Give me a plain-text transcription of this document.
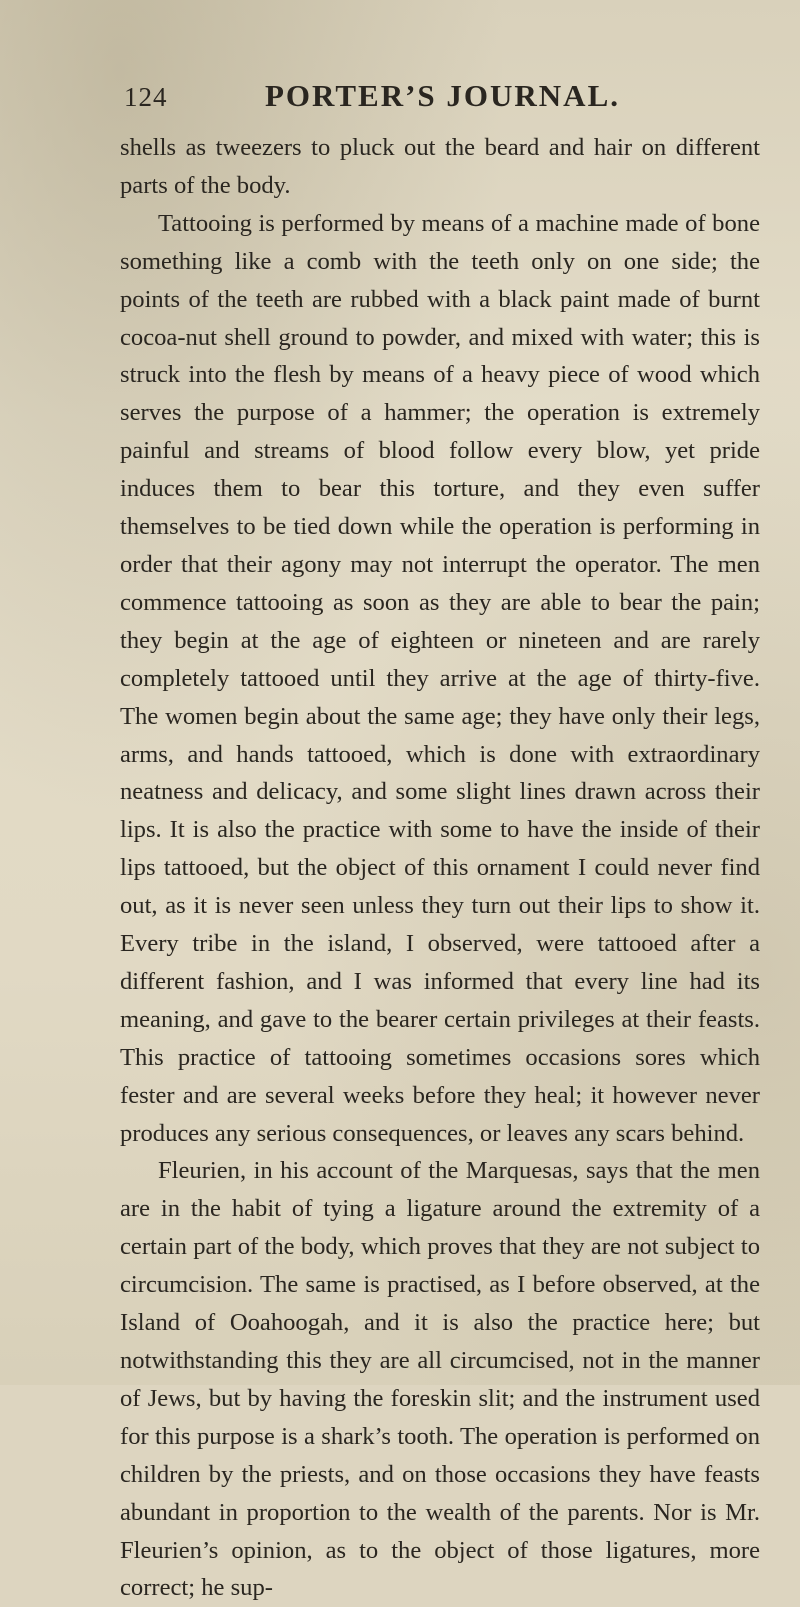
124	PORTER’S JOURNAL.

shells as tweezers to pluck out the beard and hair on different parts of the body.

Tattooing is performed by means of a machine made of bone something like a comb with the teeth only on one side; the points of the teeth are rubbed with a black paint made of burnt cocoa-nut shell ground to powder, and mixed with water; this is struck into the flesh by means of a heavy piece of wood which serves the purpose of a hammer; the operation is extremely painful and streams of blood follow every blow, yet pride induces them to bear this torture, and they even suffer themselves to be tied down while the operation is performing in order that their agony may not interrupt the operator. The men commence tattooing as soon as they are able to bear the pain; they begin at the age of eighteen or nineteen and are rarely completely tattooed until they arrive at the age of thirty-five. The women begin about the same age; they have only their legs, arms, and hands tattooed, which is done with extraordinary neatness and delicacy, and some slight lines drawn across their lips. It is also the practice with some to have the inside of their lips tattooed, but the object of this ornament I could never find out, as it is never seen unless they turn out their lips to show it. Every tribe in the island, I observed, were tattooed after a different fashion, and I was informed that every line had its meaning, and gave to the bearer certain privileges at their feasts. This practice of tattooing sometimes occasions sores which fester and are several weeks before they heal; it however never produces any serious consequences, or leaves any scars behind.

Fleurien, in his account of the Marquesas, says that the men are in the habit of tying a ligature around the extremity of a certain part of the body, which proves that they are not subject to circumcision. The same is practised, as I before observed, at the Island of Ooahoogah, and it is also the practice here; but notwithstanding this they are all circumcised, not in the manner of Jews, but by having the foreskin slit; and the instrument used for this purpose is a shark’s tooth. The operation is performed on children by the priests, and on those occasions they have feasts abundant in proportion to the wealth of the parents. Nor is Mr. Fleurien’s opinion, as to the object of those ligatures, more correct; he sup-
